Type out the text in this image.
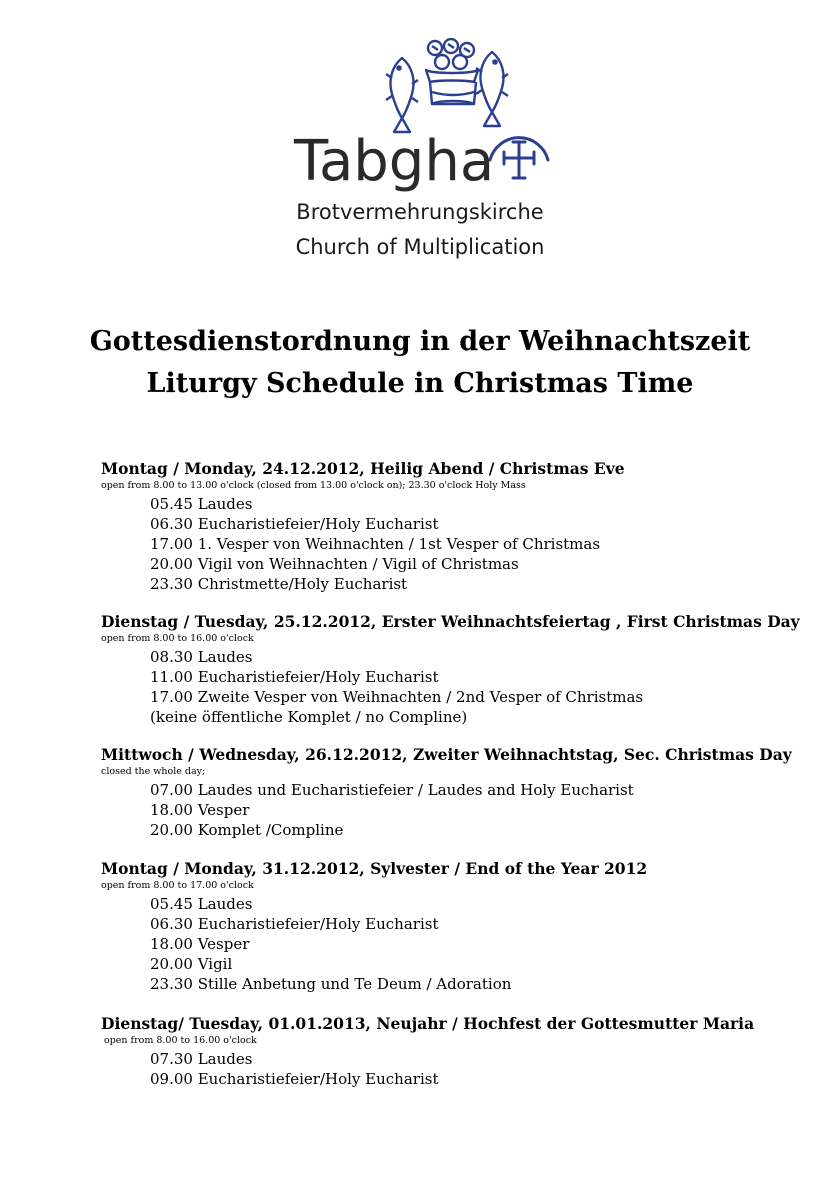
Tabgha
Brotvermehrungskirche
Church of Multiplication
Gottesdienstordnung in der Weihnachtszeit
Liturgy Schedule in Christmas Time
Montag / Monday, 24.12.2012, Heilig Abend / Christmas Eve
open from 8.00 to 13.00 o'clock (closed from 13.00 o'clock on); 23.30 o'clock Holy Mass
05.45 Laudes
06.30 Eucharistiefeier/Holy Eucharist
17.00 1. Vesper von Weihnachten / 1st Vesper of Christmas
20.00 Vigil von Weihnachten / Vigil of Christmas
23.30 Christmette/Holy Eucharist
Dienstag / Tuesday, 25.12.2012, Erster Weihnachtsfeiertag , First Christmas Day
open from 8.00 to 16.00 o'clock
08.30 Laudes
11.00 Eucharistiefeier/Holy Eucharist
17.00 Zweite Vesper von Weihnachten / 2nd Vesper of Christmas
(keine öffentliche Komplet / no Compline)
Mittwoch / Wednesday, 26.12.2012, Zweiter Weihnachtstag, Sec. Christmas Day
closed the whole day;
07.00 Laudes und Eucharistiefeier / Laudes and Holy Eucharist
18.00 Vesper
20.00 Komplet /Compline
Montag / Monday, 31.12.2012, Sylvester / End of the Year 2012
open from 8.00 to 17.00 o'clock
05.45 Laudes
06.30 Eucharistiefeier/Holy Eucharist
18.00 Vesper
20.00 Vigil
23.30 Stille Anbetung und Te Deum / Adoration
Dienstag/ Tuesday, 01.01.2013, Neujahr / Hochfest der Gottesmutter Maria
open from 8.00 to 16.00 o'clock
07.30 Laudes
09.00 Eucharistiefeier/Holy Eucharist
